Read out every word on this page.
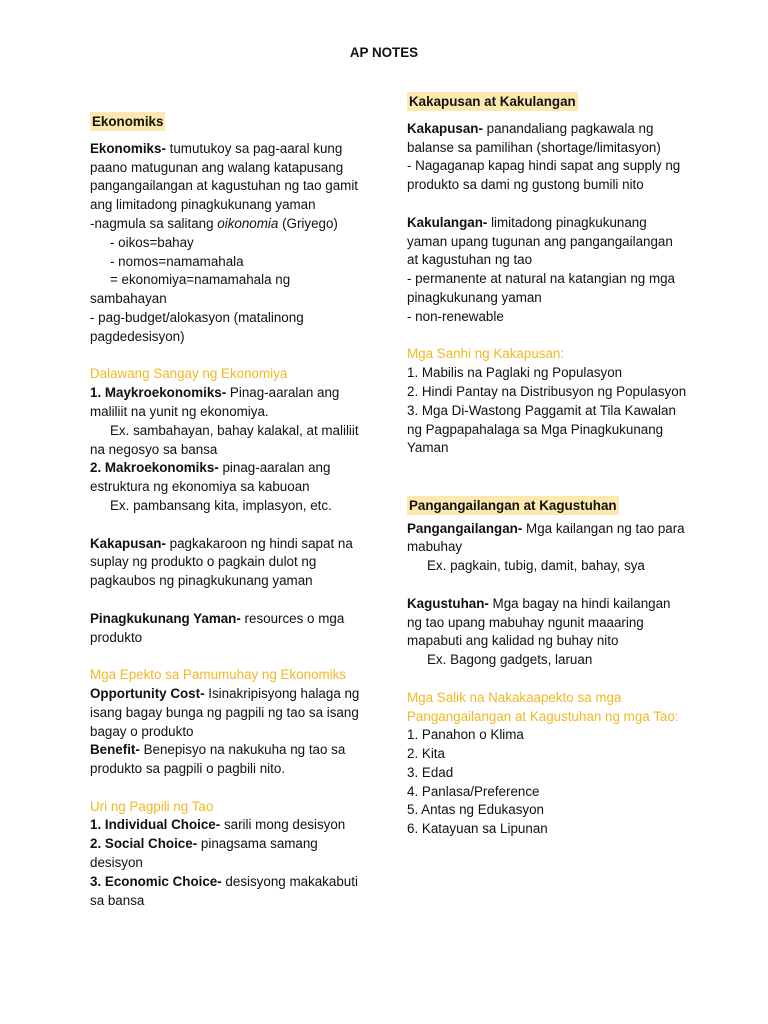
AP NOTES
Ekonomiks

Ekonomiks- tumutukoy sa pag-aaral kung paano matugunan ang walang katapusang pangangailangan at kagustuhan ng tao gamit ang limitadong pinagkukunang yaman

-nagmula sa salitang oikonomia (Griyego)

- oikos=bahay

- nomos=namamahala

= ekonomiya=namamahala ng sambahayan

- pag-budget/alokasyon (matalinong pagdedesisyon)

Dalawang Sangay ng Ekonomiya

1. Maykroekonomiks- Pinag-aaralan ang maliliit na yunit ng ekonomiya.

Ex. sambahayan, bahay kalakal, at maliliit na negosyo sa bansa

2. Makroekonomiks- pinag-aaralan ang estruktura ng ekonomiya sa kabuoan

Ex. pambansang kita, implasyon, etc.

Kakapusan- pagkakaroon ng hindi sapat na suplay ng produkto o pagkain dulot ng pagkaubos ng pinagkukunang yaman

Pinagkukunang Yaman- resources o mga produkto

Mga Epekto sa Pamumuhay ng Ekonomiks

Opportunity Cost- Isinakripisyong halaga ng isang bagay bunga ng pagpili ng tao sa isang bagay o produkto

Benefit- Benepisyo na nakukuha ng tao sa produkto sa pagpili o pagbili nito.

Uri ng Pagpili ng Tao

1. Individual Choice- sarili mong desisyon

2. Social Choice- pinagsama samang desisyon

3. Economic Choice- desisyong makakabuti sa bansa

Kakapusan at Kakulangan

Kakapusan- panandaliang pagkawala ng balanse sa pamilihan (shortage/limitasyon)

- Nagaganap kapag hindi sapat ang supply ng produkto sa dami ng gustong bumili nito

Kakulangan- limitadong pinagkukunang yaman upang tugunan ang pangangailangan at kagustuhan ng tao

- permanente at natural na katangian ng mga pinagkukunang yaman

- non-renewable

Mga Sanhi ng Kakapusan:

1. Mabilis na Paglaki ng Populasyon

2. Hindi Pantay na Distribusyon ng Populasyon

3. Mga Di-Wastong Paggamit at Tila Kawalan ng Pagpapahalaga sa Mga Pinagkukunang Yaman

Pangangailangan at Kagustuhan

Pangangailangan- Mga kailangan ng tao para mabuhay

Ex. pagkain, tubig, damit, bahay, sya

Kagustuhan- Mga bagay na hindi kailangan ng tao upang mabuhay ngunit maaaring mapabuti ang kalidad ng buhay nito

Ex. Bagong gadgets, laruan

Mga Salik na Nakakaapekto sa mga Pangangailangan at Kagustuhan ng mga Tao:

1. Panahon o Klima

2. Kita

3. Edad

4. Panlasa/Preference

5. Antas ng Edukasyon

6. Katayuan sa Lipunan
